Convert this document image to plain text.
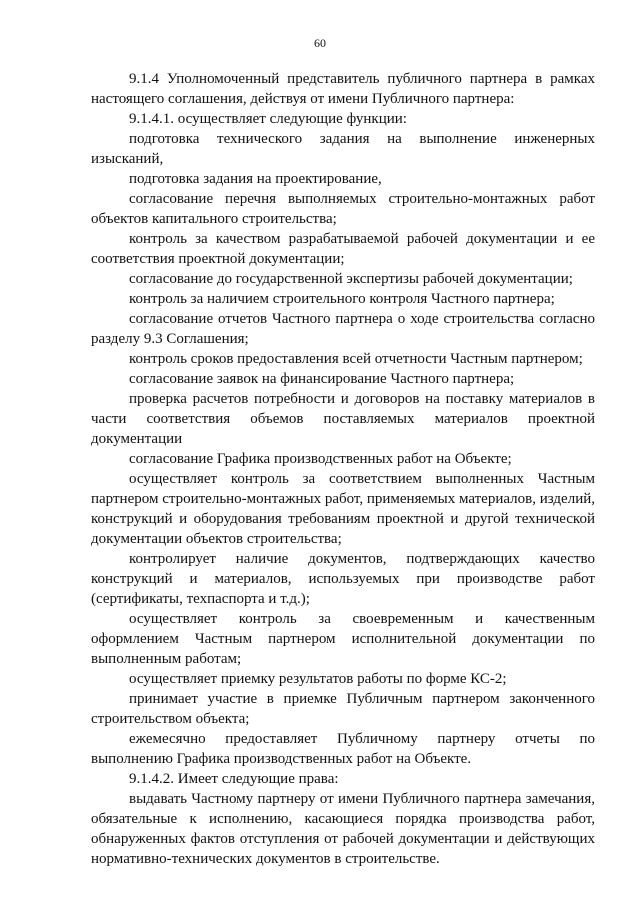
60

9.1.4 Уполномоченный представитель публичного партнера в рамках настоящего соглашения, действуя от имени Публичного партнера:

9.1.4.1. осуществляет следующие функции:

подготовка технического задания на выполнение инженерных изысканий,

подготовка задания на проектирование,

согласование перечня выполняемых строительно-монтажных работ объектов капитального строительства;

контроль за качеством разрабатываемой рабочей документации и ее соответствия проектной документации;

согласование до государственной экспертизы рабочей документации;

контроль за наличием строительного контроля Частного партнера;

согласование отчетов Частного партнера о ходе строительства согласно разделу 9.3 Соглашения;

контроль сроков предоставления всей отчетности Частным партнером;

согласование заявок на финансирование Частного партнера;

проверка расчетов потребности и договоров на поставку материалов в части соответствия объемов поставляемых материалов проектной документации

согласование Графика производственных работ на Объекте;

осуществляет контроль за соответствием выполненных Частным партнером строительно-монтажных работ, применяемых материалов, изделий, конструкций и оборудования требованиям проектной и другой технической документации объектов строительства;

контролирует наличие документов, подтверждающих качество конструкций и материалов, используемых при производстве работ (сертификаты, техпаспорта и т.д.);

осуществляет контроль за своевременным и качественным оформлением Частным партнером исполнительной документации по выполненным работам;

осуществляет приемку результатов работы по форме КС-2;

принимает участие в приемке Публичным партнером законченного строительством объекта;

ежемесячно предоставляет Публичному партнеру отчеты по выполнению Графика производственных работ на Объекте.

9.1.4.2. Имеет следующие права:

выдавать Частному партнеру от имени Публичного партнера замечания, обязательные к исполнению, касающиеся порядка производства работ, обнаруженных фактов отступления от рабочей документации и действующих нормативно-технических документов в строительстве.
